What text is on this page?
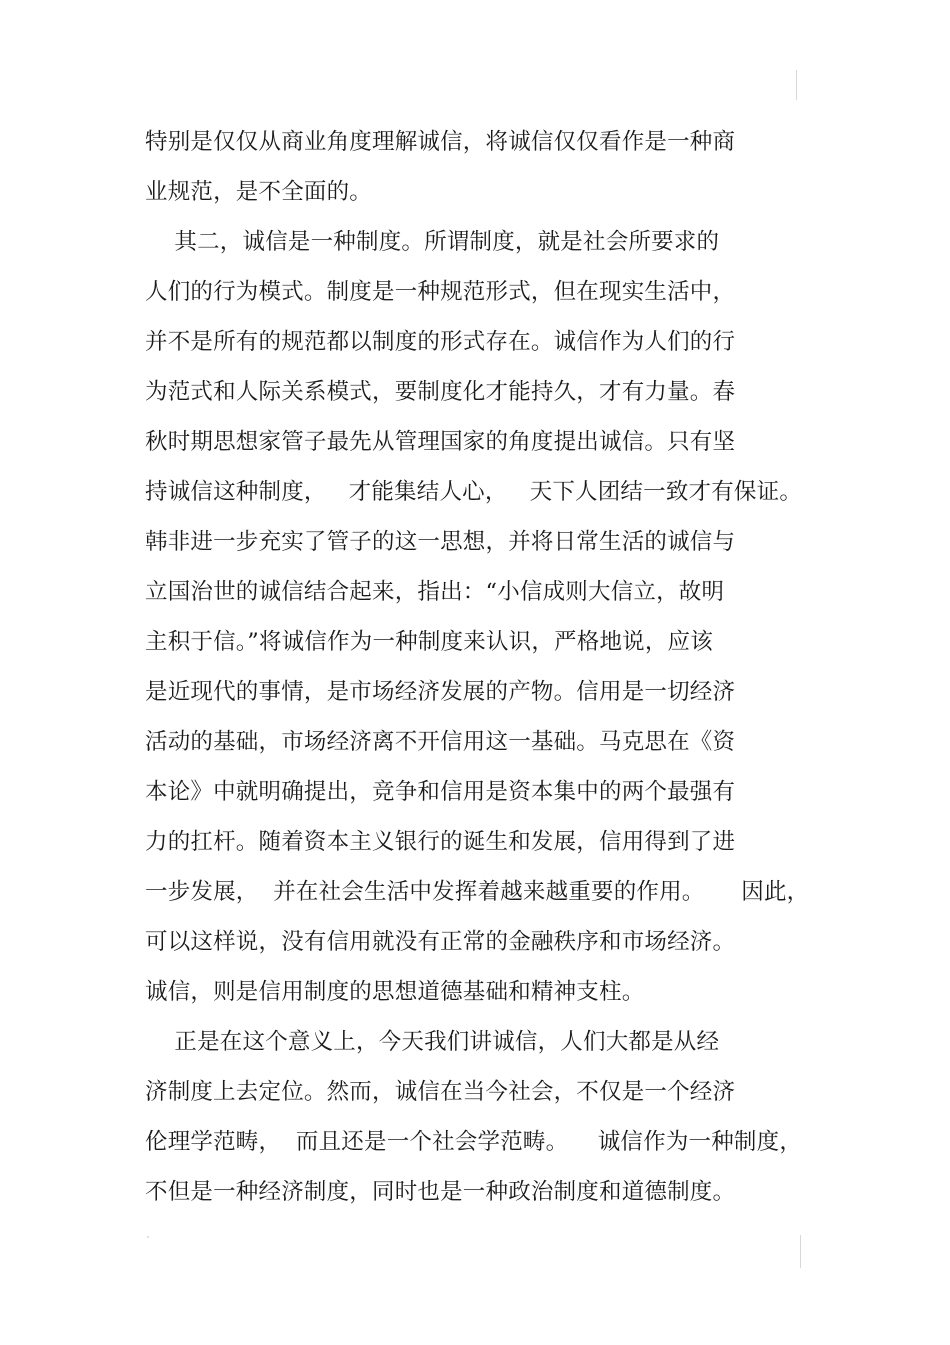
特别是仅仅从商业角度理解诚信，将诚信仅仅看作是一种商
业规范，是不全面的。
其二，诚信是一种制度。所谓制度，就是社会所要求的
人们的行为模式。制度是一种规范形式，但在现实生活中，
并不是所有的规范都以制度的形式存在。诚信作为人们的行
为范式和人际关系模式，要制度化才能持久，才有力量。春
秋时期思想家管子最先从管理国家的角度提出诚信。只有坚
持诚信这种制度，   才能集结人心，   天下人团结一致才有保证。
韩非进一步充实了管子的这一思想，并将日常生活的诚信与
立国治世的诚信结合起来，指出：“小信成则大信立，故明
主积于信。”将诚信作为一种制度来认识，严格地说，应该
是近现代的事情，是市场经济发展的产物。信用是一切经济
活动的基础，市场经济离不开信用这一基础。马克思在《资
本论》中就明确提出，竞争和信用是资本集中的两个最强有
力的扛杆。随着资本主义银行的诞生和发展，信用得到了进
一步发展，  并在社会生活中发挥着越来越重要的作用。     因此，
可以这样说，没有信用就没有正常的金融秩序和市场经济。
诚信，则是信用制度的思想道德基础和精神支柱。
正是在这个意义上，今天我们讲诚信，人们大都是从经
济制度上去定位。然而，诚信在当今社会，不仅是一个经济
伦理学范畴，  而且还是一个社会学范畴。    诚信作为一种制度，
不但是一种经济制度，同时也是一种政治制度和道德制度。
